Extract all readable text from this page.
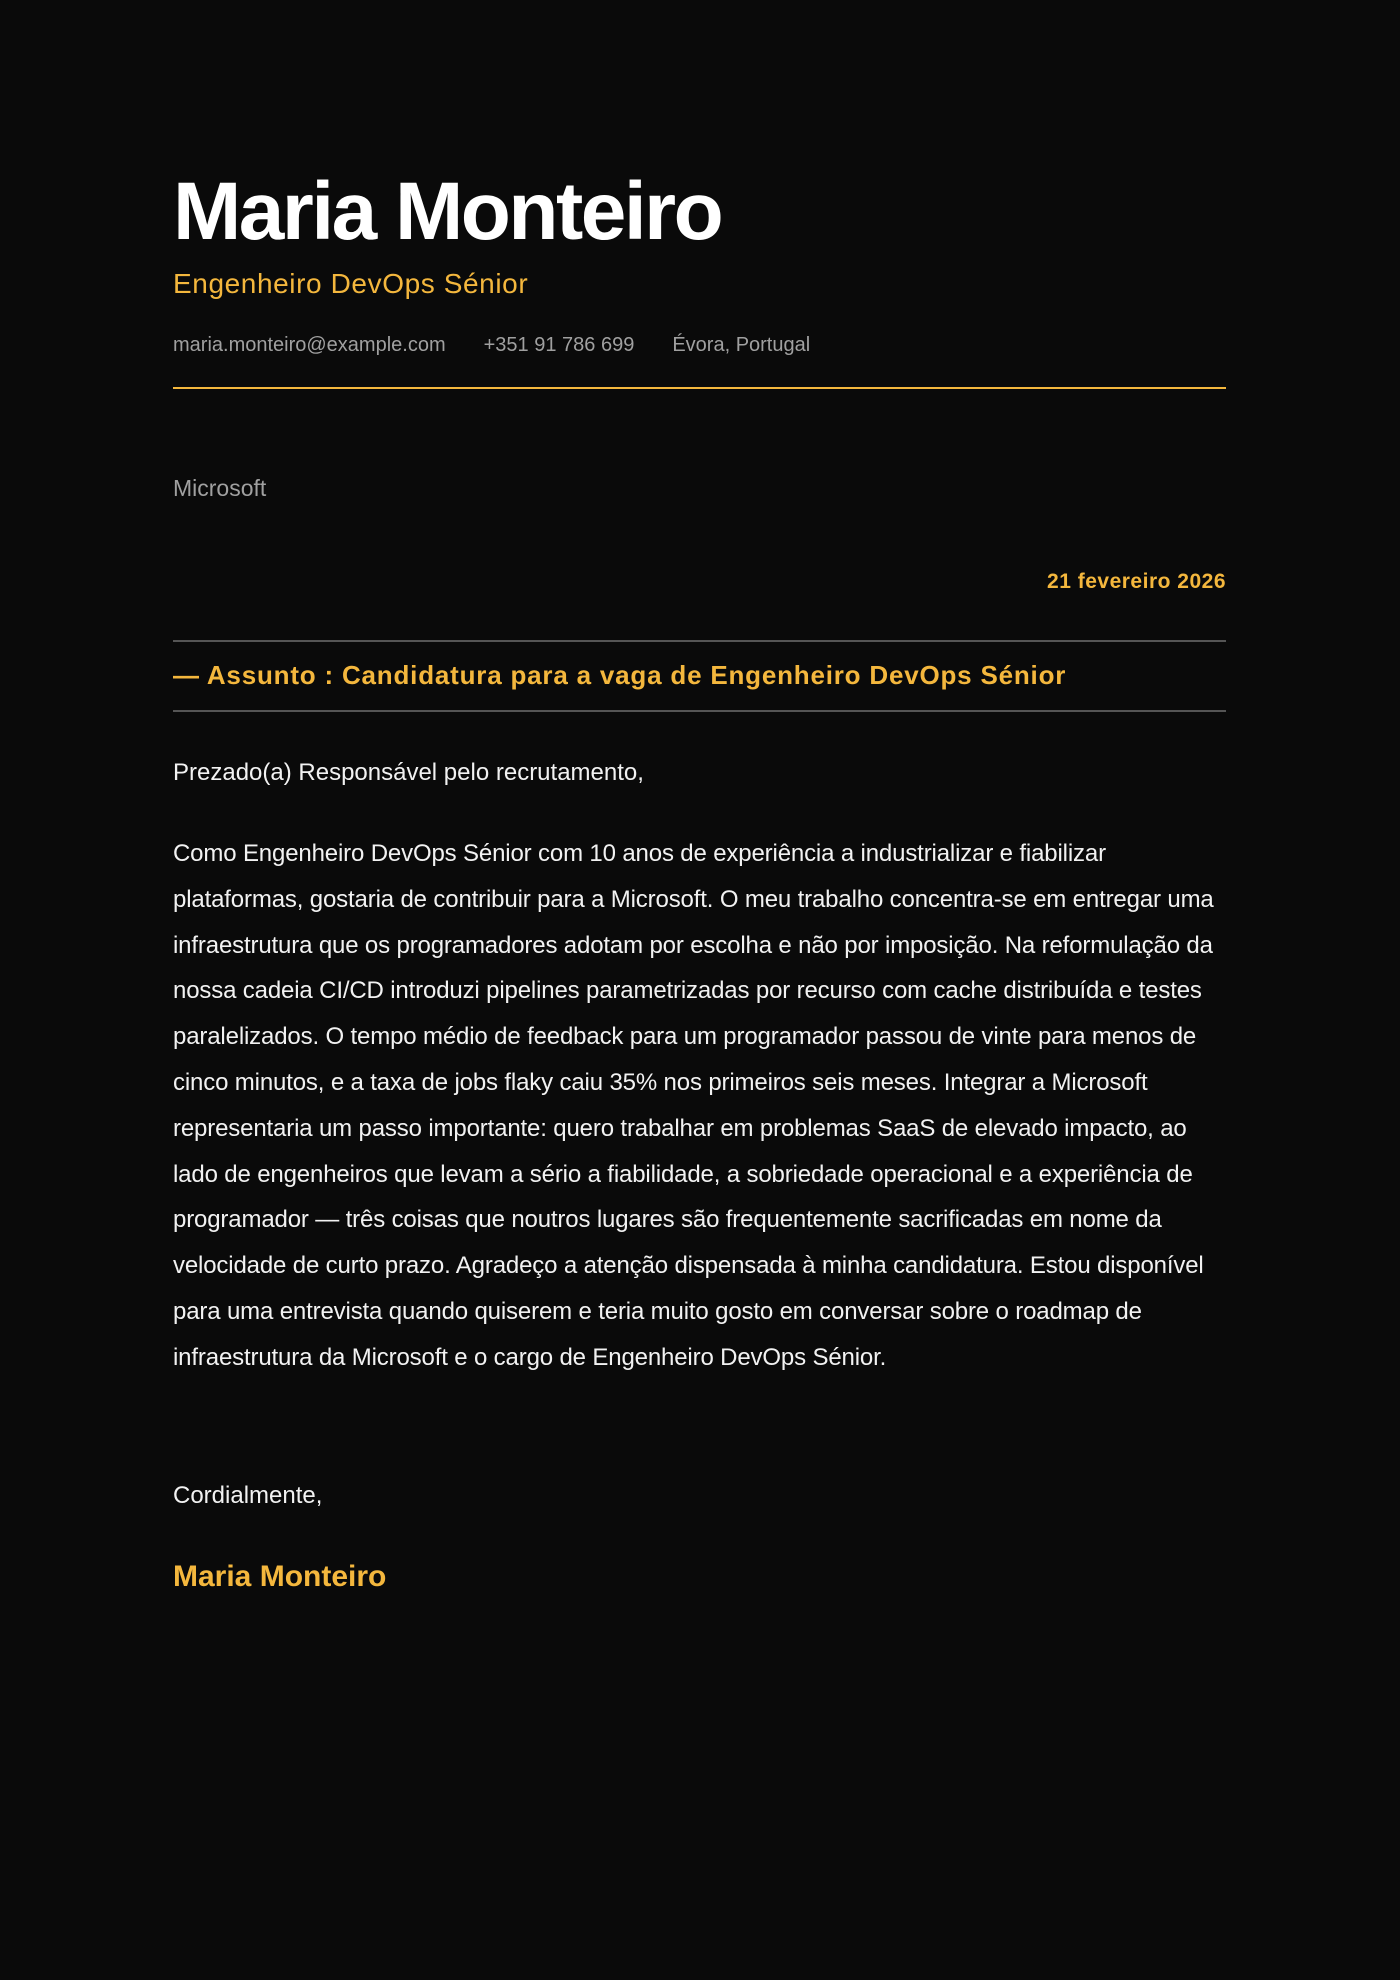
Maria Monteiro
Engenheiro DevOps Sénior
maria.monteiro@example.com +351 91 786 699 Évora, Portugal
Microsoft
21 fevereiro 2026
— Assunto : Candidatura para a vaga de Engenheiro DevOps Sénior
Prezado(a) Responsável pelo recrutamento,

Como Engenheiro DevOps Sénior com 10 anos de experiência a industrializar e fiabilizar plataformas, gostaria de contribuir para a Microsoft. O meu trabalho concentra-se em entregar uma infraestrutura que os programadores adotam por escolha e não por imposição. Na reformulação da nossa cadeia CI/CD introduzi pipelines parametrizadas por recurso com cache distribuída e testes paralelizados. O tempo médio de feedback para um programador passou de vinte para menos de cinco minutos, e a taxa de jobs flaky caiu 35% nos primeiros seis meses. Integrar a Microsoft representaria um passo importante: quero trabalhar em problemas SaaS de elevado impacto, ao lado de engenheiros que levam a sério a fiabilidade, a sobriedade operacional e a experiência de programador — três coisas que noutros lugares são frequentemente sacrificadas em nome da velocidade de curto prazo. Agradeço a atenção dispensada à minha candidatura. Estou disponível para uma entrevista quando quiserem e teria muito gosto em conversar sobre o roadmap de infraestrutura da Microsoft e o cargo de Engenheiro DevOps Sénior.

Cordialmente,
Maria Monteiro
